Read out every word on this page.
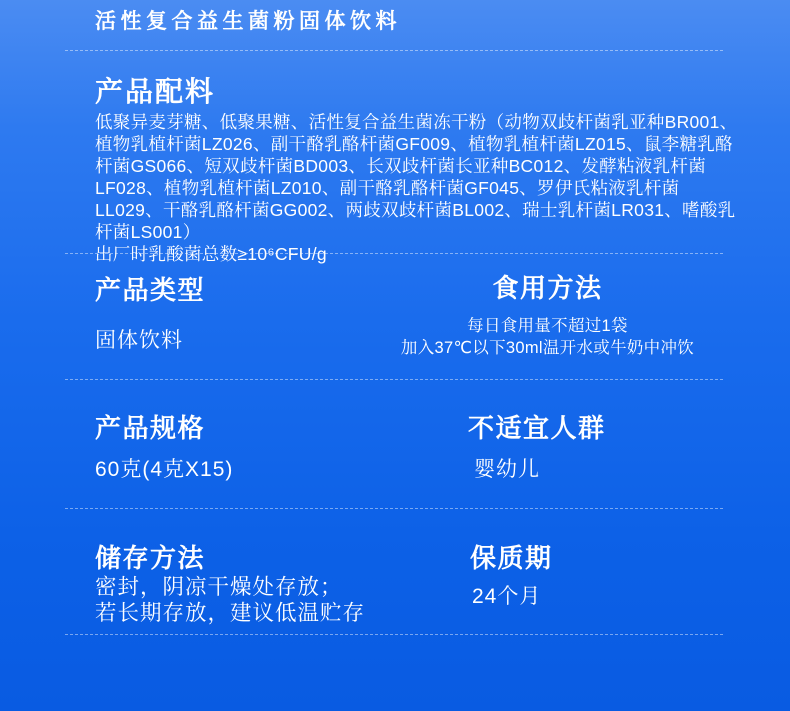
活性复合益生菌粉固体饮料
产品配料
低聚异麦芽糖、低聚果糖、活性复合益生菌冻干粉（动物双歧杆菌乳亚种BR001、植物乳植杆菌LZ026、副干酪乳酪杆菌GF009、植物乳植杆菌LZ015、鼠李糖乳酪杆菌GS066、短双歧杆菌BD003、长双歧杆菌长亚种BC012、发酵粘液乳杆菌LF028、植物乳植杆菌LZ010、副干酪乳酪杆菌GF045、罗伊氏粘液乳杆菌LL029、干酪乳酪杆菌GG002、两歧双歧杆菌BL002、瑞士乳杆菌LR031、嗜酸乳杆菌LS001）
出厂时乳酸菌总数≥10⁶CFU/g
产品类型
固体饮料
食用方法
每日食用量不超过1袋
加入37℃以下30ml温开水或牛奶中冲饮
产品规格
60克(4克X15)
不适宜人群
婴幼儿
储存方法
密封，阴凉干燥处存放；
若长期存放，建议低温贮存
保质期
24个月
